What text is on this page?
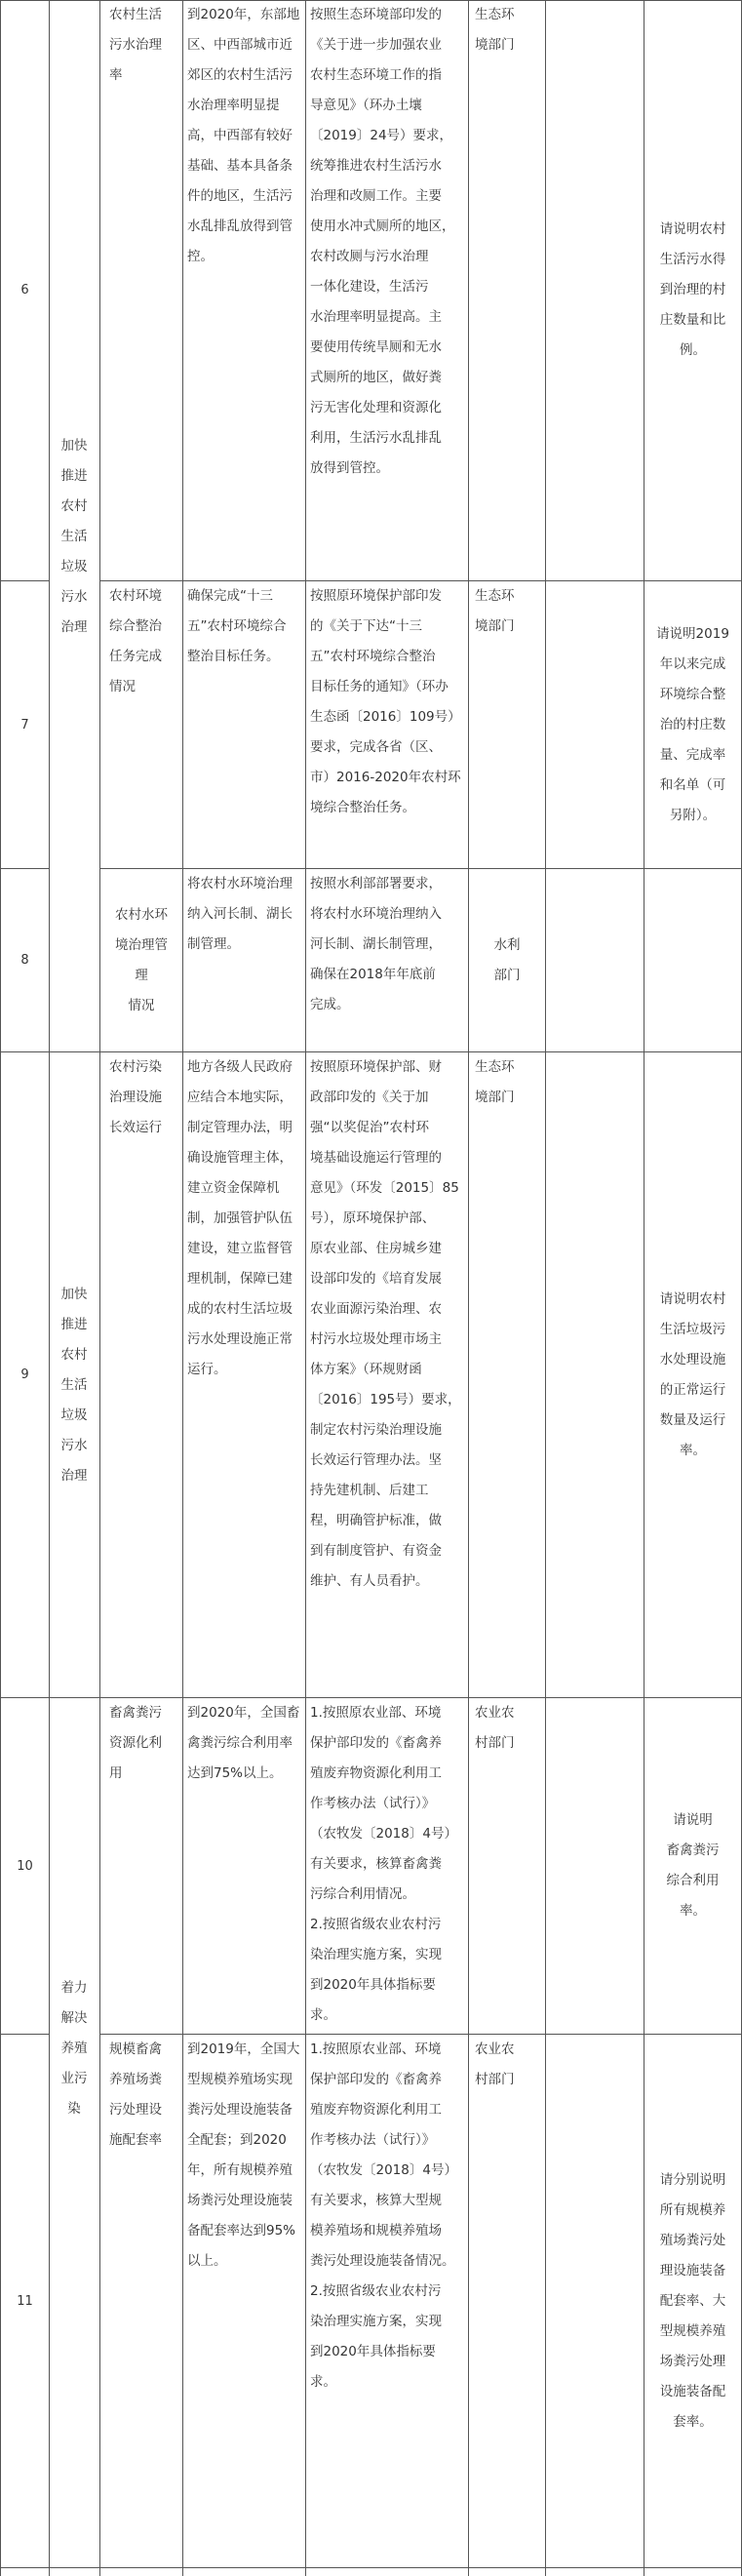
加快
推进
农村
生活
垃圾
污水
治理
加快
推进
农村
生活
垃圾
污水
治理
着力
解决
养殖
业污
染
6
农村生活
污水治理
率
到2020年，东部地
区、中西部城市近
郊区的农村生活污
水治理率明显提
高，中西部有较好
基础、基本具备条
件的地区，生活污
水乱排乱放得到管
控。
按照生态环境部印发的
《关于进一步加强农业
农村生态环境工作的指
导意见》（环办土壤
〔2019〕24号）要求，
统筹推进农村生活污水
治理和改厕工作。主要
使用水冲式厕所的地区，
农村改厕与污水治理
一体化建设，生活污
水治理率明显提高。主
要使用传统旱厕和无水
式厕所的地区，做好粪
污无害化处理和资源化
利用，生活污水乱排乱
放得到管控。
生态环
境部门
请说明农村
生活污水得
到治理的村
庄数量和比
例。
7
农村环境
综合整治
任务完成
情况
确保完成“十三
五”农村环境综合
整治目标任务。
按照原环境保护部印发
的《关于下达“十三
五”农村环境综合整治
目标任务的通知》（环办
生态函〔2016〕109号）
要求，完成各省（区、
市）2016-2020年农村环
境综合整治任务。
生态环
境部门	请说明2019
年以来完成
环境综合整
治的村庄数
量、完成率
和名单（可
另附）。
8
农村水环
境治理管
理
情况
将农村水环境治理
纳入河长制、湖长
制管理。
按照水利部部署要求，
将农村水环境治理纳入
河长制、湖长制管理，
确保在2018年年底前
完成。
水利
部门
9
农村污染
治理设施
长效运行
地方各级人民政府
应结合本地实际，
制定管理办法，明
确设施管理主体，
建立资金保障机
制，加强管护队伍
建设，建立监督管
理机制，保障已建
成的农村生活垃圾
污水处理设施正常
运行。
按照原环境保护部、财
政部印发的《关于加
强“以奖促治”农村环
境基础设施运行管理的
意见》（环发〔2015〕85
号），原环境保护部、
原农业部、住房城乡建
设部印发的《培育发展
农业面源污染治理、农
村污水垃圾处理市场主
体方案》（环规财函
〔2016〕195号）要求，
制定农村污染治理设施
长效运行管理办法。坚
持先建机制、后建工
程，明确管护标准，做
到有制度管护、有资金
维护、有人员看护。
生态环
境部门
请说明农村
生活垃圾污
水处理设施
的正常运行
数量及运行
率。
10
畜禽粪污
资源化利
用
到2020年，全国畜
禽粪污综合利用率
达到75%以上。
1.按照原农业部、环境
保护部印发的《畜禽养
殖废弃物资源化利用工
作考核办法（试行）》
（农牧发〔2018〕4号）
有关要求，核算畜禽粪
污综合利用情况。
2.按照省级农业农村污
染治理实施方案，实现
到2020年具体指标要
求。
农业农
村部门
请说明
畜禽粪污
综合利用
率。
11
规模畜禽
养殖场粪
污处理设
施配套率
到2019年，全国大
型规模养殖场实现
粪污处理设施装备
全配套；到2020
年，所有规模养殖
场粪污处理设施装
备配套率达到95%
以上。
1.按照原农业部、环境
保护部印发的《畜禽养
殖废弃物资源化利用工
作考核办法（试行）》
（农牧发〔2018〕4号）
有关要求，核算大型规
模养殖场和规模养殖场
粪污处理设施装备情况。
2.按照省级农业农村污
染治理实施方案，实现
到2020年具体指标要
求。
农业农
村部门
请分别说明
所有规模养
殖场粪污处
理设施装备
配套率、大
型规模养殖
场粪污处理
设施装备配
套率。
